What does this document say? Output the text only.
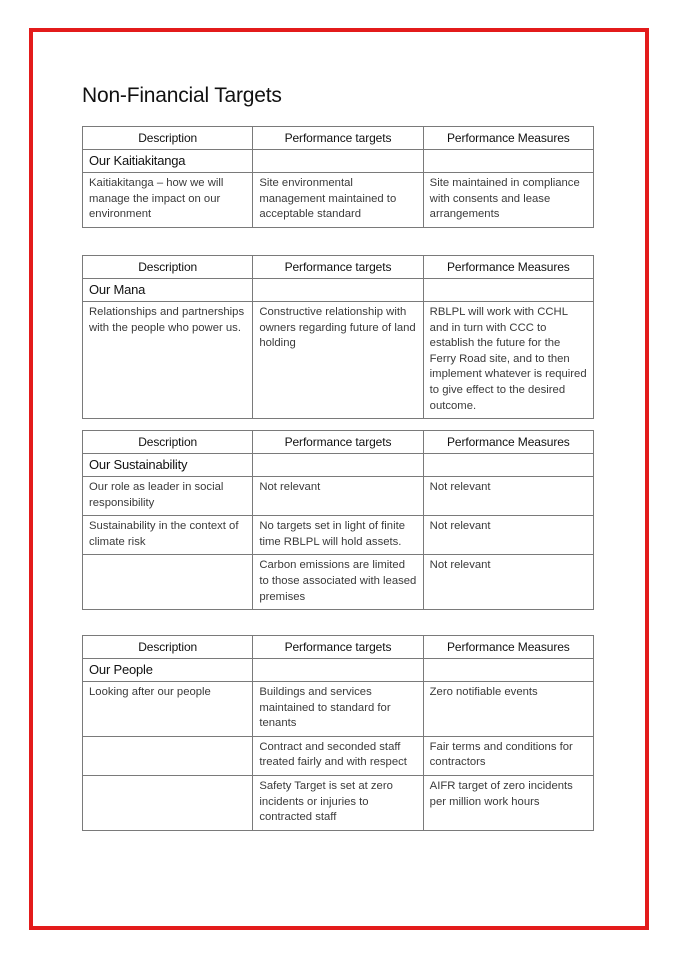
Non-Financial Targets
Description	Performance targets	Performance Measures
Our Kaitiakitanga		
Kaitiakitanga – how we will manage the impact on our environment	Site environmental management maintained to acceptable standard	Site maintained in compliance with consents and lease arrangements
Description	Performance targets	Performance Measures
Our Mana		
Relationships and partnerships with the people who power us.	Constructive relationship with owners regarding future of land holding	RBLPL will work with CCHL and in turn with CCC to establish the future for the Ferry Road site, and to then implement whatever is required to give effect to the desired outcome.
Description	Performance targets	Performance Measures
Our Sustainability		
Our role as leader in social responsibility	Not relevant	Not relevant
Sustainability in the context of climate risk	No targets set in light of finite time RBLPL will hold assets.	Not relevant
	Carbon emissions are limited to those associated with leased premises	Not relevant
Description	Performance targets	Performance Measures
Our People		
Looking after our people	Buildings and services maintained to standard for tenants	Zero notifiable events
	Contract and seconded staff treated fairly and with respect	Fair terms and conditions for contractors
	Safety Target is set at zero incidents or injuries to contracted staff	AIFR target of zero incidents per million work hours
